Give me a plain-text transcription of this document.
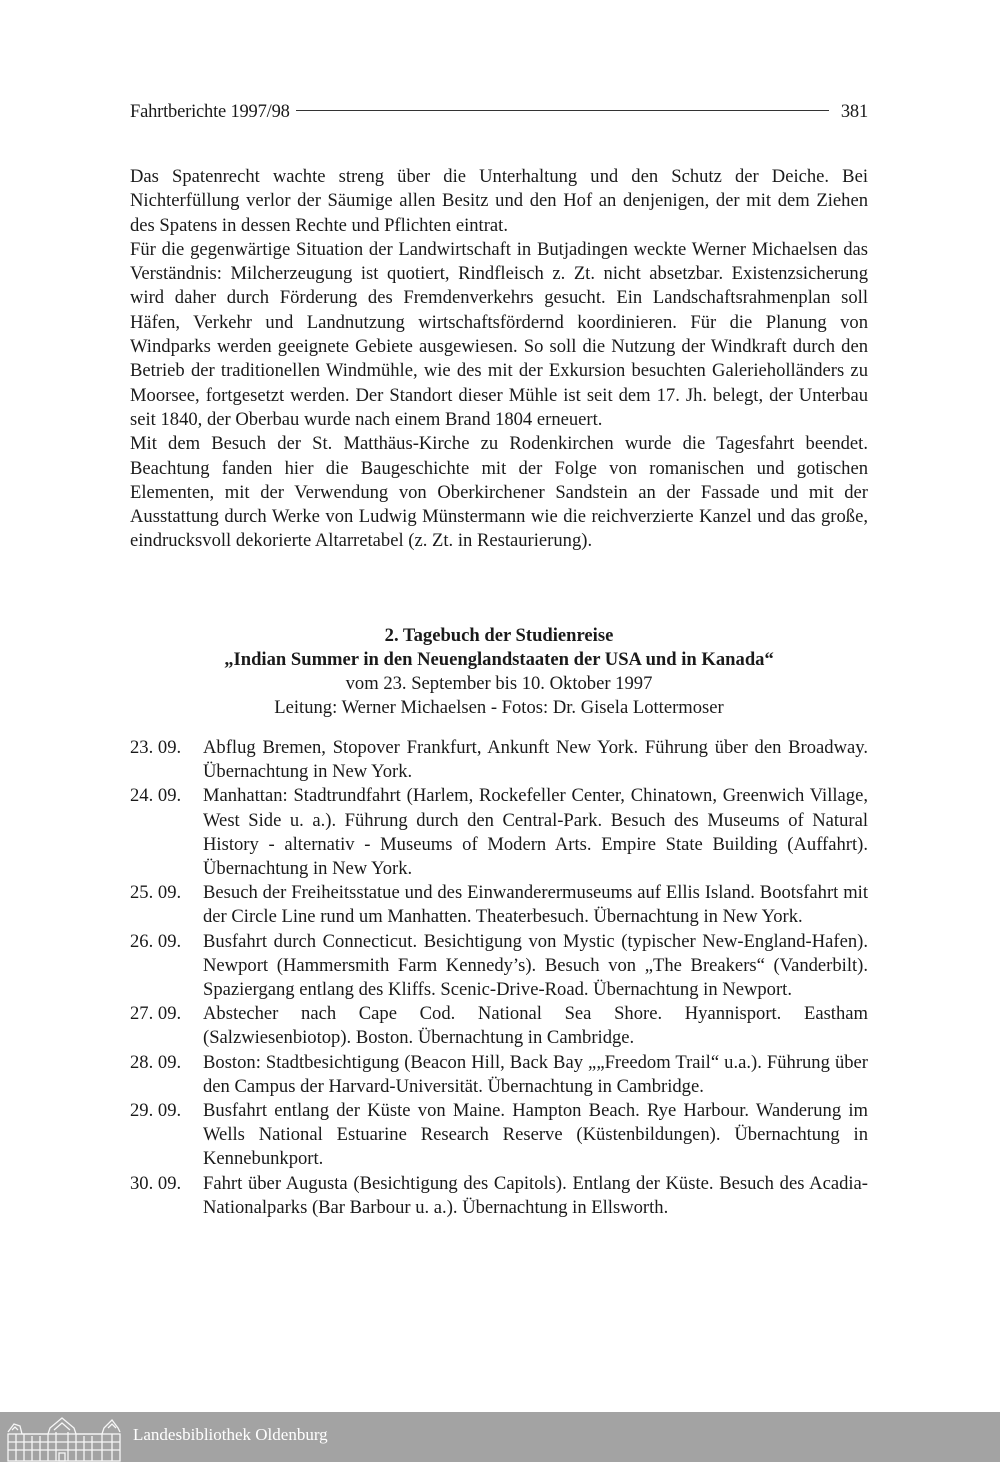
Fahrtberichte 1997/98	381

Das Spatenrecht wachte streng über die Unterhaltung und den Schutz der Deiche. Bei Nichterfüllung verlor der Säumige allen Besitz und den Hof an denjenigen, der mit dem Ziehen des Spatens in dessen Rechte und Pflichten eintrat.

Für die gegenwärtige Situation der Landwirtschaft in Butjadingen weckte Werner Michaelsen das Verständnis: Milcherzeugung ist quotiert, Rindfleisch z. Zt. nicht absetzbar. Existenzsicherung wird daher durch Förderung des Fremdenverkehrs gesucht. Ein Landschaftsrahmenplan soll Häfen, Verkehr und Landnutzung wirtschaftsfördernd koordinieren. Für die Planung von Windparks werden geeignete Gebiete ausgewiesen. So soll die Nutzung der Windkraft durch den Betrieb der traditionellen Windmühle, wie des mit der Exkursion besuchten Galerieholländers zu Moorsee, fortgesetzt werden. Der Standort dieser Mühle ist seit dem 17. Jh. belegt, der Unterbau seit 1840, der Oberbau wurde nach einem Brand 1804 erneuert.

Mit dem Besuch der St. Matthäus-Kirche zu Rodenkirchen wurde die Tagesfahrt beendet. Beachtung fanden hier die Baugeschichte mit der Folge von romanischen und gotischen Elementen, mit der Verwendung von Oberkirchener Sandstein an der Fassade und mit der Ausstattung durch Werke von Ludwig Münstermann wie die reichverzierte Kanzel und das große, eindrucksvoll dekorierte Altarretabel (z. Zt. in Restaurierung).

2. Tagebuch der Studienreise
„Indian Summer in den Neuenglandstaaten der USA und in Kanada“
vom 23. September bis 10. Oktober 1997
Leitung: Werner Michaelsen - Fotos: Dr. Gisela Lottermoser
23. 09.	Abflug Bremen, Stopover Frankfurt, Ankunft New York. Führung über den Broadway. Übernachtung in New York.
24. 09.	Manhattan: Stadtrundfahrt (Harlem, Rockefeller Center, Chinatown, Greenwich Village, West Side u. a.). Führung durch den Central-Park. Besuch des Museums of Natural History - alternativ - Museums of Modern Arts. Empire State Building (Auffahrt). Übernachtung in New York.
25. 09.	Besuch der Freiheitsstatue und des Einwanderermuseums auf Ellis Island. Bootsfahrt mit der Circle Line rund um Manhatten. Theaterbesuch. Übernachtung in New York.
26. 09.	Busfahrt durch Connecticut. Besichtigung von Mystic (typischer New-England-Hafen). Newport (Hammersmith Farm Kennedy’s). Besuch von „The Breakers“ (Vanderbilt). Spaziergang entlang des Kliffs. Scenic-Drive-Road. Übernachtung in Newport.
27. 09.	Abstecher nach Cape Cod. National Sea Shore. Hyannisport. Eastham (Salzwiesenbiotop). Boston. Übernachtung in Cambridge.
28. 09.	Boston: Stadtbesichtigung (Beacon Hill, Back Bay „„Freedom Trail“ u.a.). Führung über den Campus der Harvard-Universität. Übernachtung in Cambridge.
29. 09.	Busfahrt entlang der Küste von Maine. Hampton Beach. Rye Harbour. Wanderung im Wells National Estuarine Research Reserve (Küstenbildungen). Übernachtung in Kennebunkport.
30. 09.	Fahrt über Augusta (Besichtigung des Capitols). Entlang der Küste. Besuch des Acadia-Nationalparks (Bar Barbour u. a.). Übernachtung in Ellsworth.
Landesbibliothek Oldenburg
